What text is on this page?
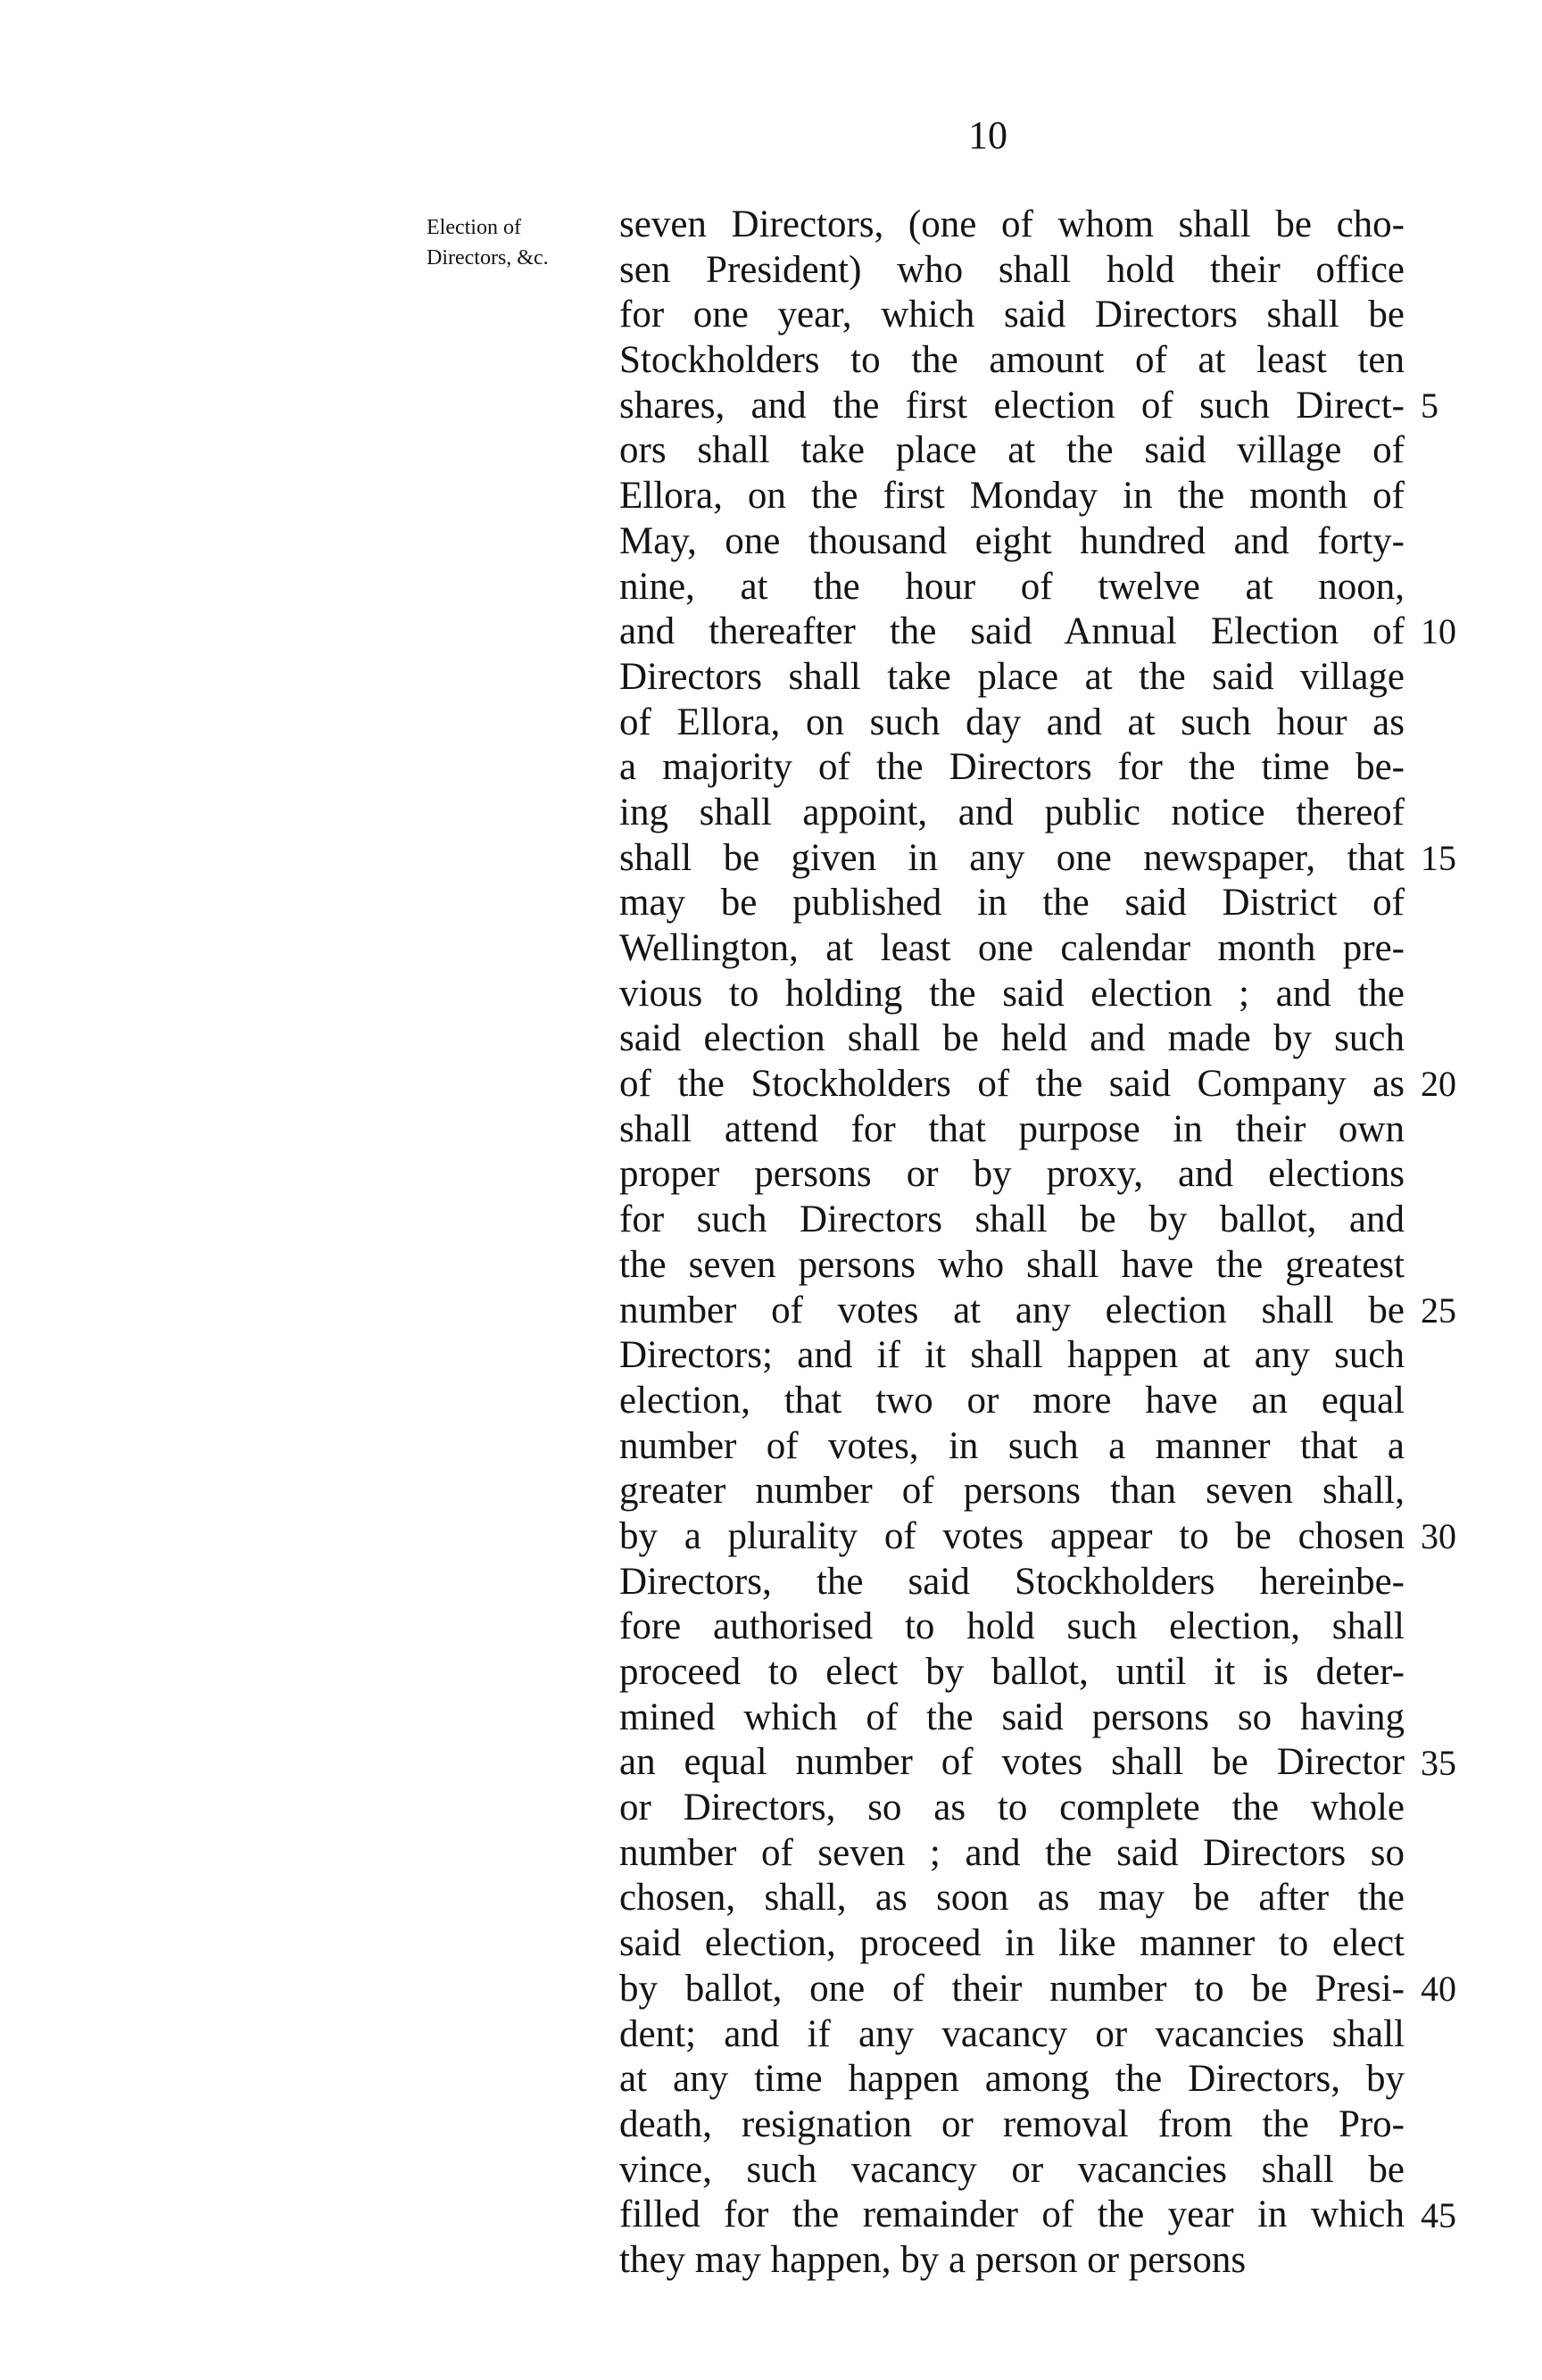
10
Election of
Directors, &c.
seven Directors, (one of whom shall be cho-
sen President) who shall hold their office
for one year, which said Directors shall be
Stockholders to the amount of at least ten
shares, and the first election of such Direct-
ors shall take place at the said village of
Ellora, on the first Monday in the month of
May, one thousand eight hundred and forty-
nine, at the hour of twelve at noon,
and thereafter the said Annual Election of
Directors shall take place at the said village
of Ellora, on such day and at such hour as
a majority of the Directors for the time be-
ing shall appoint, and public notice thereof
shall be given in any one newspaper, that
may be published in the said District of
Wellington, at least one calendar month pre-
vious to holding the said election ; and the
said election shall be held and made by such
of the Stockholders of the said Company as
shall attend for that purpose in their own
proper persons or by proxy, and elections
for such Directors shall be by ballot, and
the seven persons who shall have the greatest
number of votes at any election shall be
Directors; and if it shall happen at any such
election, that two or more have an equal
number of votes, in such a manner that a
greater number of persons than seven shall,
by a plurality of votes appear to be chosen
Directors, the said Stockholders hereinbe-
fore authorised to hold such election, shall
proceed to elect by ballot, until it is deter-
mined which of the said persons so having
an equal number of votes shall be Director
or Directors, so as to complete the whole
number of seven ; and the said Directors so
chosen, shall, as soon as may be after the
said election, proceed in like manner to elect
by ballot, one of their number to be Presi-
dent; and if any vacancy or vacancies shall
at any time happen among the Directors, by
death, resignation or removal from the Pro-
vince, such vacancy or vacancies shall be
filled for the remainder of the year in which
they may happen, by a person or persons
5
10
15
20
25
30
35
40
45
